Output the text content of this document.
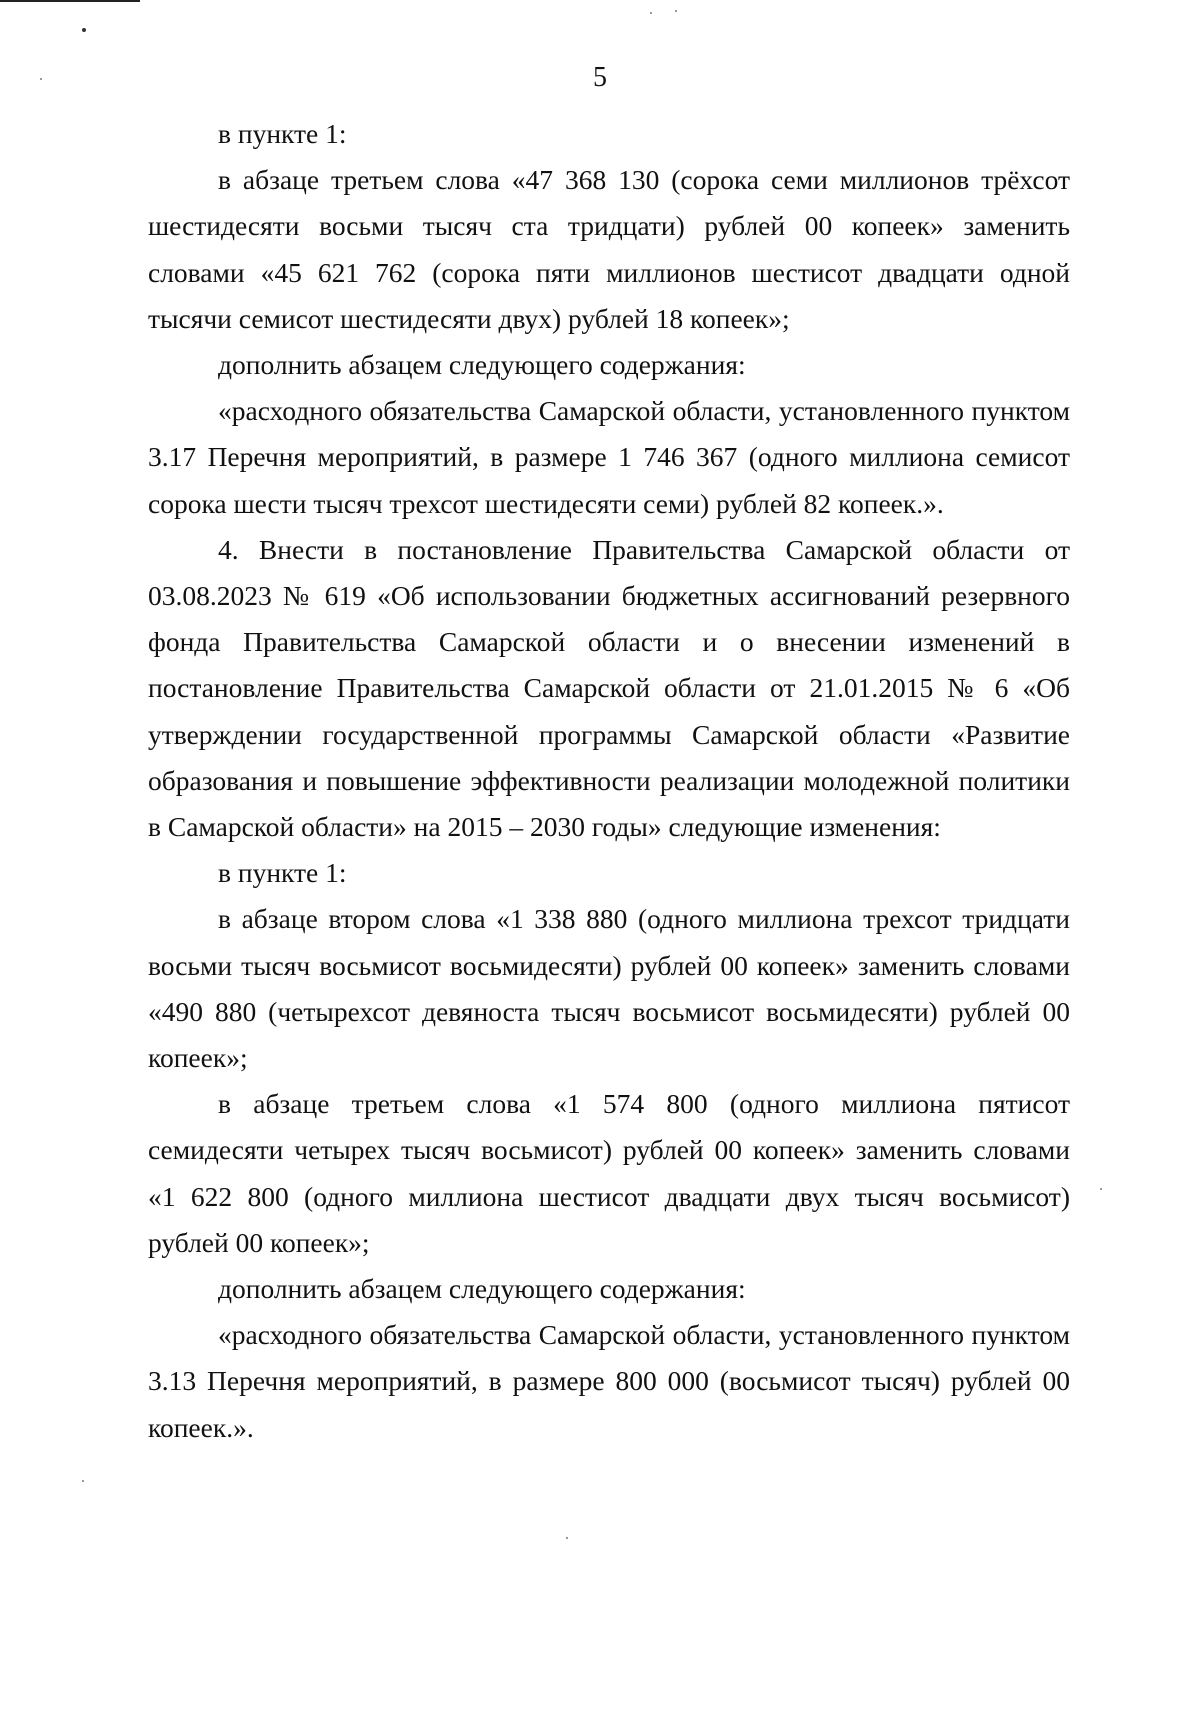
5

в пункте 1:

в абзаце третьем слова «47 368 130 (сорока семи миллионов трёхсот шестидесяти восьми тысяч ста тридцати) рублей 00 копеек» заменить словами «45 621 762 (сорока пяти миллионов шестисот двадцати одной тысячи семисот шестидесяти двух) рублей 18 копеек»;

дополнить абзацем следующего содержания:

«расходного обязательства Самарской области, установленного пунктом 3.17 Перечня мероприятий, в размере 1 746 367 (одного миллиона семисот сорока шести тысяч трехсот шестидесяти семи) рублей 82 копеек.».

4. Внести в постановление Правительства Самарской области от 03.08.2023 № 619 «Об использовании бюджетных ассигнований резервного фонда Правительства Самарской области и о внесении изменений в постановление Правительства Самарской области от 21.01.2015 № 6 «Об утверждении государственной программы Самарской области «Развитие образования и повышение эффективности реализации молодежной политики в Самарской области» на 2015 – 2030 годы» следующие изменения:

в пункте 1:

в абзаце втором слова «1 338 880 (одного миллиона трехсот тридцати восьми тысяч восьмисот восьмидесяти) рублей 00 копеек» заменить словами «490 880 (четырехсот девяноста тысяч восьмисот восьмидесяти) рублей 00 копеек»;

в абзаце третьем слова «1 574 800 (одного миллиона пятисот семидесяти четырех тысяч восьмисот) рублей 00 копеек» заменить словами «1 622 800 (одного миллиона шестисот двадцати двух тысяч восьмисот) рублей 00 копеек»;

дополнить абзацем следующего содержания:

«расходного обязательства Самарской области, установленного пунктом 3.13 Перечня мероприятий, в размере 800 000 (восьмисот тысяч) рублей 00 копеек.».
